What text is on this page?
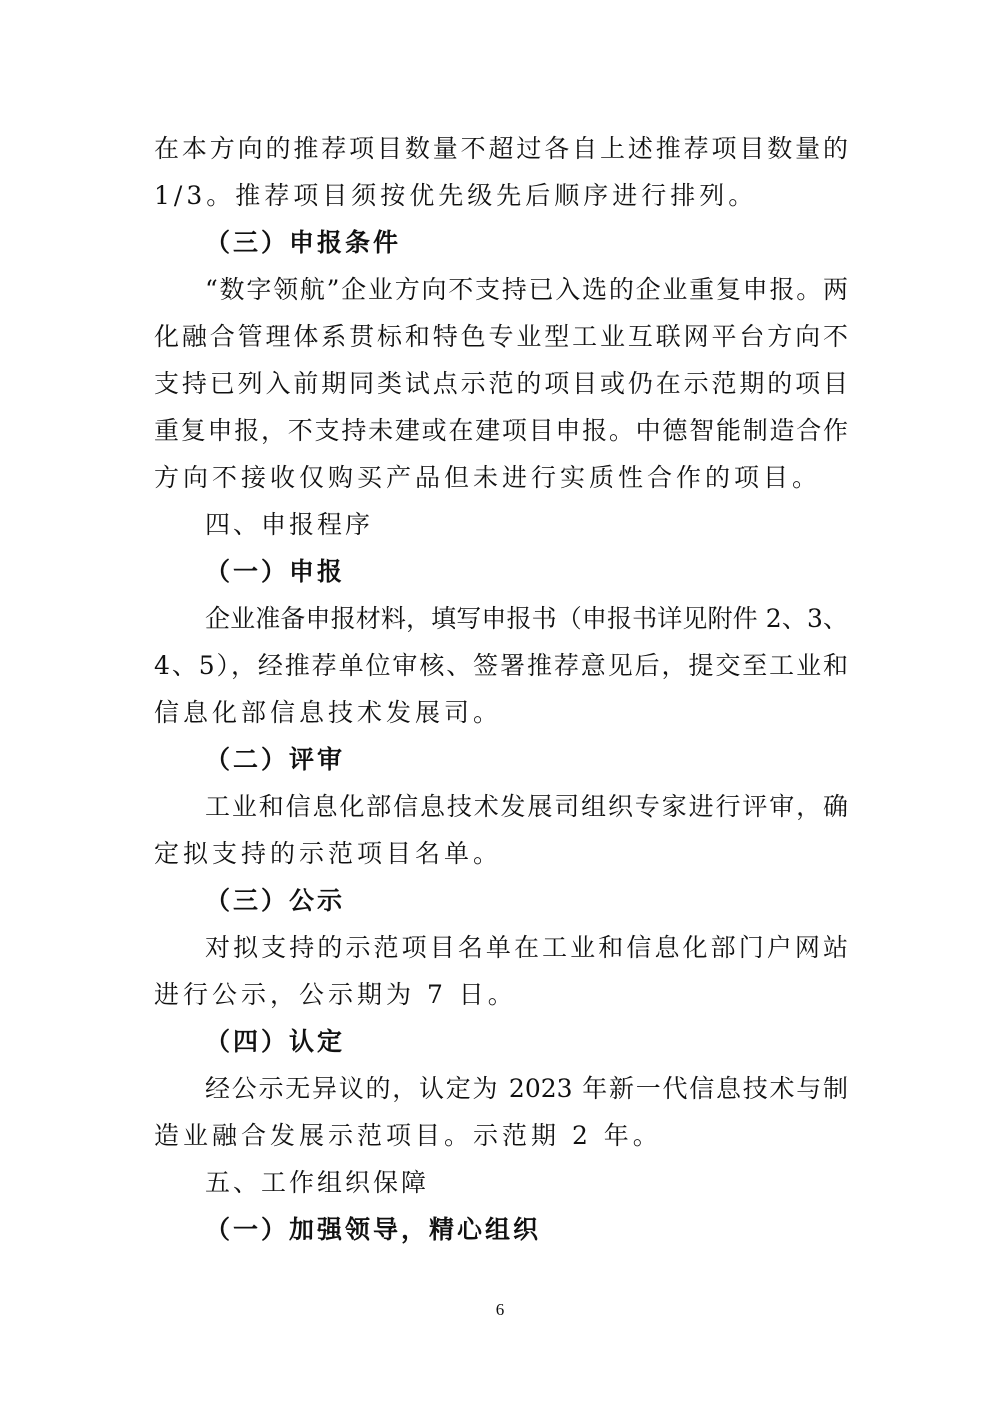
在本方向的推荐项目数量不超过各自上述推荐项目数量的
1/3。推荐项目须按优先级先后顺序进行排列。
（三）申报条件
“数字领航”企业方向不支持已入选的企业重复申报。两
化融合管理体系贯标和特色专业型工业互联网平台方向不
支持已列入前期同类试点示范的项目或仍在示范期的项目
重复申报，不支持未建或在建项目申报。中德智能制造合作
方向不接收仅购买产品但未进行实质性合作的项目。
四、申报程序
（一）申报
企业准备申报材料，填写申报书（申报书详见附件 2、3、
4、5），经推荐单位审核、签署推荐意见后，提交至工业和
信息化部信息技术发展司。
（二）评审
工业和信息化部信息技术发展司组织专家进行评审，确
定拟支持的示范项目名单。
（三）公示
对拟支持的示范项目名单在工业和信息化部门户网站
进行公示，公示期为 7 日。
（四）认定
经公示无异议的，认定为 2023 年新一代信息技术与制
造业融合发展示范项目。示范期 2 年。
五、工作组织保障
（一）加强领导，精心组织
6
